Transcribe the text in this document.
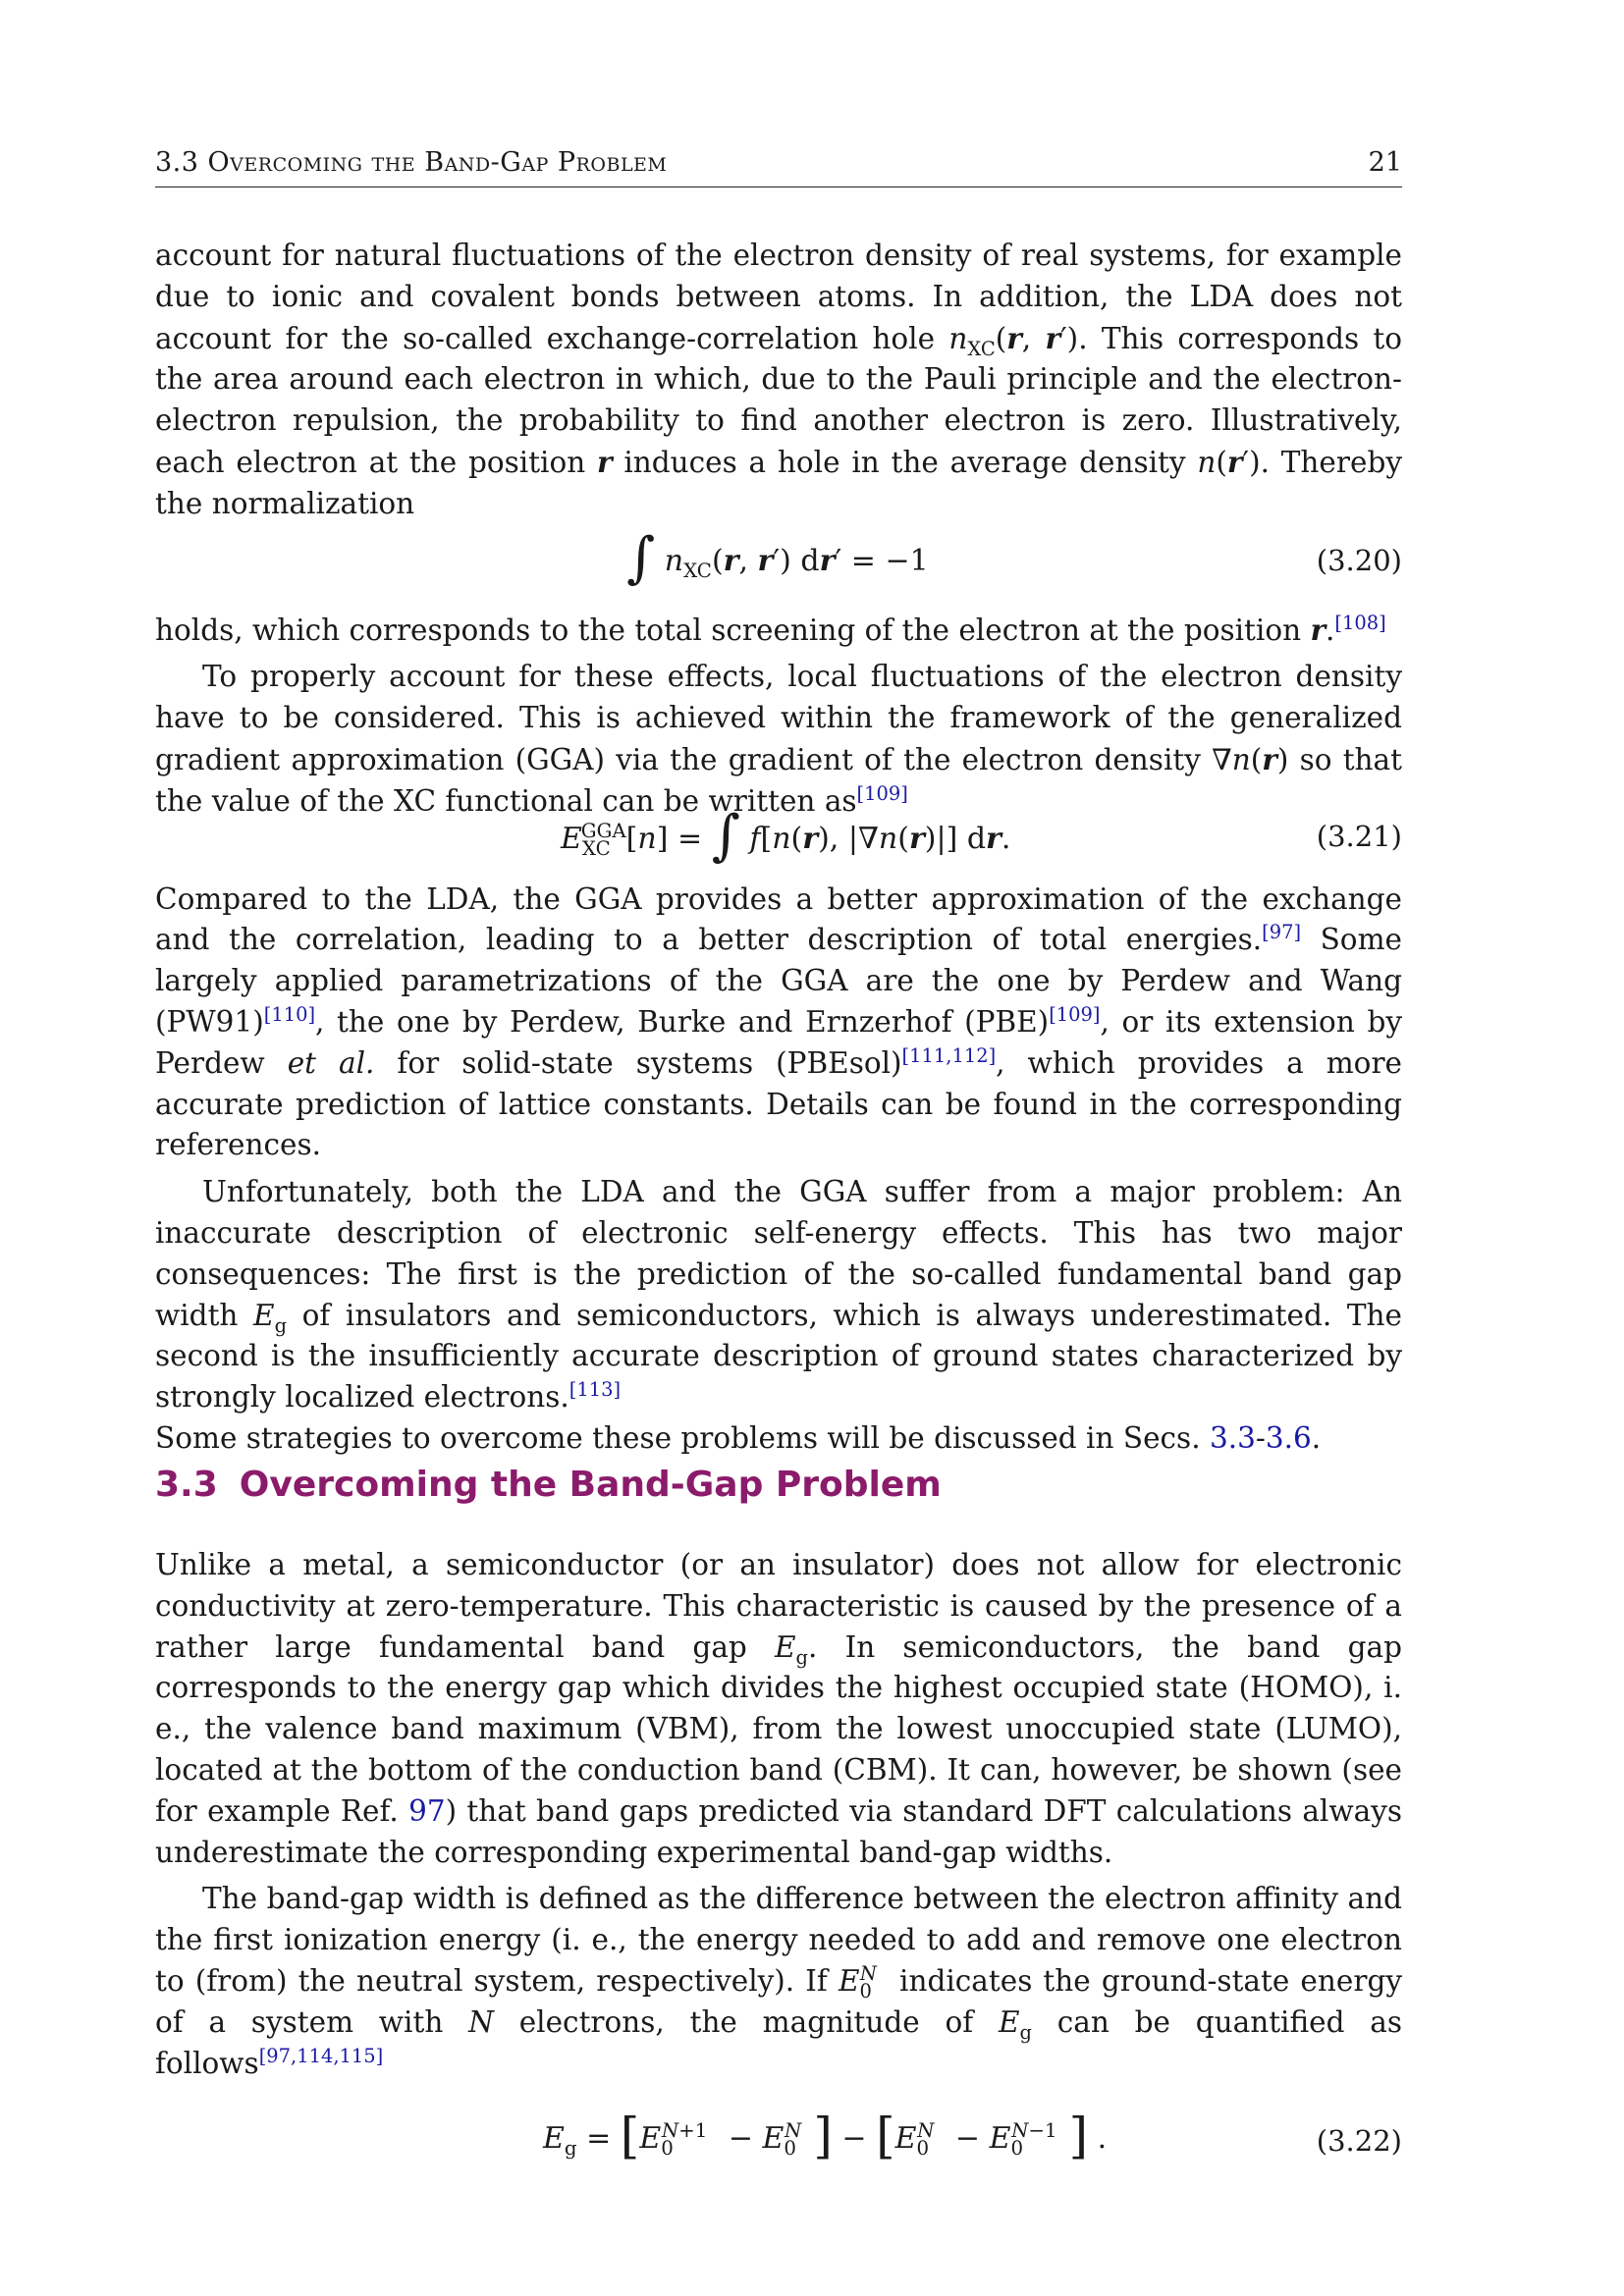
3.3 Overcoming the Band-Gap Problem	21

account for natural fluctuations of the electron density of real systems, for example due to ionic and covalent bonds between atoms. In addition, the LDA does not account for the so-called exchange-correlation hole $n_{XC}(r$, r′). This corresponds to the area around each electron in which, due to the Pauli principle and the electron-electron repulsion, the probability to find another electron is zero. Illustratively, each electron at the position r induces a hole in the average density n(r′). Thereby the normalization

∫ $n_{XC}(r$, r′) dr′ = −1	(3.20)

holds, which corresponds to the total screening of the electron at the position r.[108]

To properly account for these effects, local fluctuations of the electron density have to be considered. This is achieved within the framework of the generalized gradient approximation (GGA) via the gradient of the electron density ∇n(r) so that the value of the XC functional can be written as[109]

$E_{XC}^{GGA}[n]$ = ∫ f[n(r), |∇n(r)|] dr.	(3.21)

Compared to the LDA, the GGA provides a better approximation of the exchange and the correlation, leading to a better description of total energies.[97] Some largely applied parametrizations of the GGA are the one by Perdew and Wang (PW91)[110], the one by Perdew, Burke and Ernzerhof (PBE)[109], or its extension by Perdew et al. for solid-state systems (PBEsol)[111,112], which provides a more accurate prediction of lattice constants. Details can be found in the corresponding references.

Unfortunately, both the LDA and the GGA suffer from a major problem: An inaccurate description of electronic self-energy effects. This has two major consequences: The first is the prediction of the so-called fundamental band gap width $E_g$ of insulators and semiconductors, which is always underestimated. The second is the insufficiently accurate description of ground states characterized by strongly localized electrons.[113]

Some strategies to overcome these problems will be discussed in Secs. 3.3-3.6.

3.3 Overcoming the Band-Gap Problem

Unlike a metal, a semiconductor (or an insulator) does not allow for electronic conductivity at zero-temperature. This characteristic is caused by the presence of a rather large fundamental band gap $E_g$. In semiconductors, the band gap corresponds to the energy gap which divides the highest occupied state (HOMO), i. e., the valence band maximum (VBM), from the lowest unoccupied state (LUMO), located at the bottom of the conduction band (CBM). It can, however, be shown (see for example Ref. 97) that band gaps predicted via standard DFT calculations always underestimate the corresponding experimental band-gap widths.

The band-gap width is defined as the difference between the electron affinity and the first ionization energy (i. e., the energy needed to add and remove one electron to (from) the neutral system, respectively). If $E_0^N$ indicates the ground-state energy of a system with N electrons, the magnitude of $E_g$ can be quantified as follows[97,114,115]

$E_g = [E_0^{N+1} - E_0^N$ ] − [$E_0^N - E_0^{N-1}$ ] .	(3.22)
